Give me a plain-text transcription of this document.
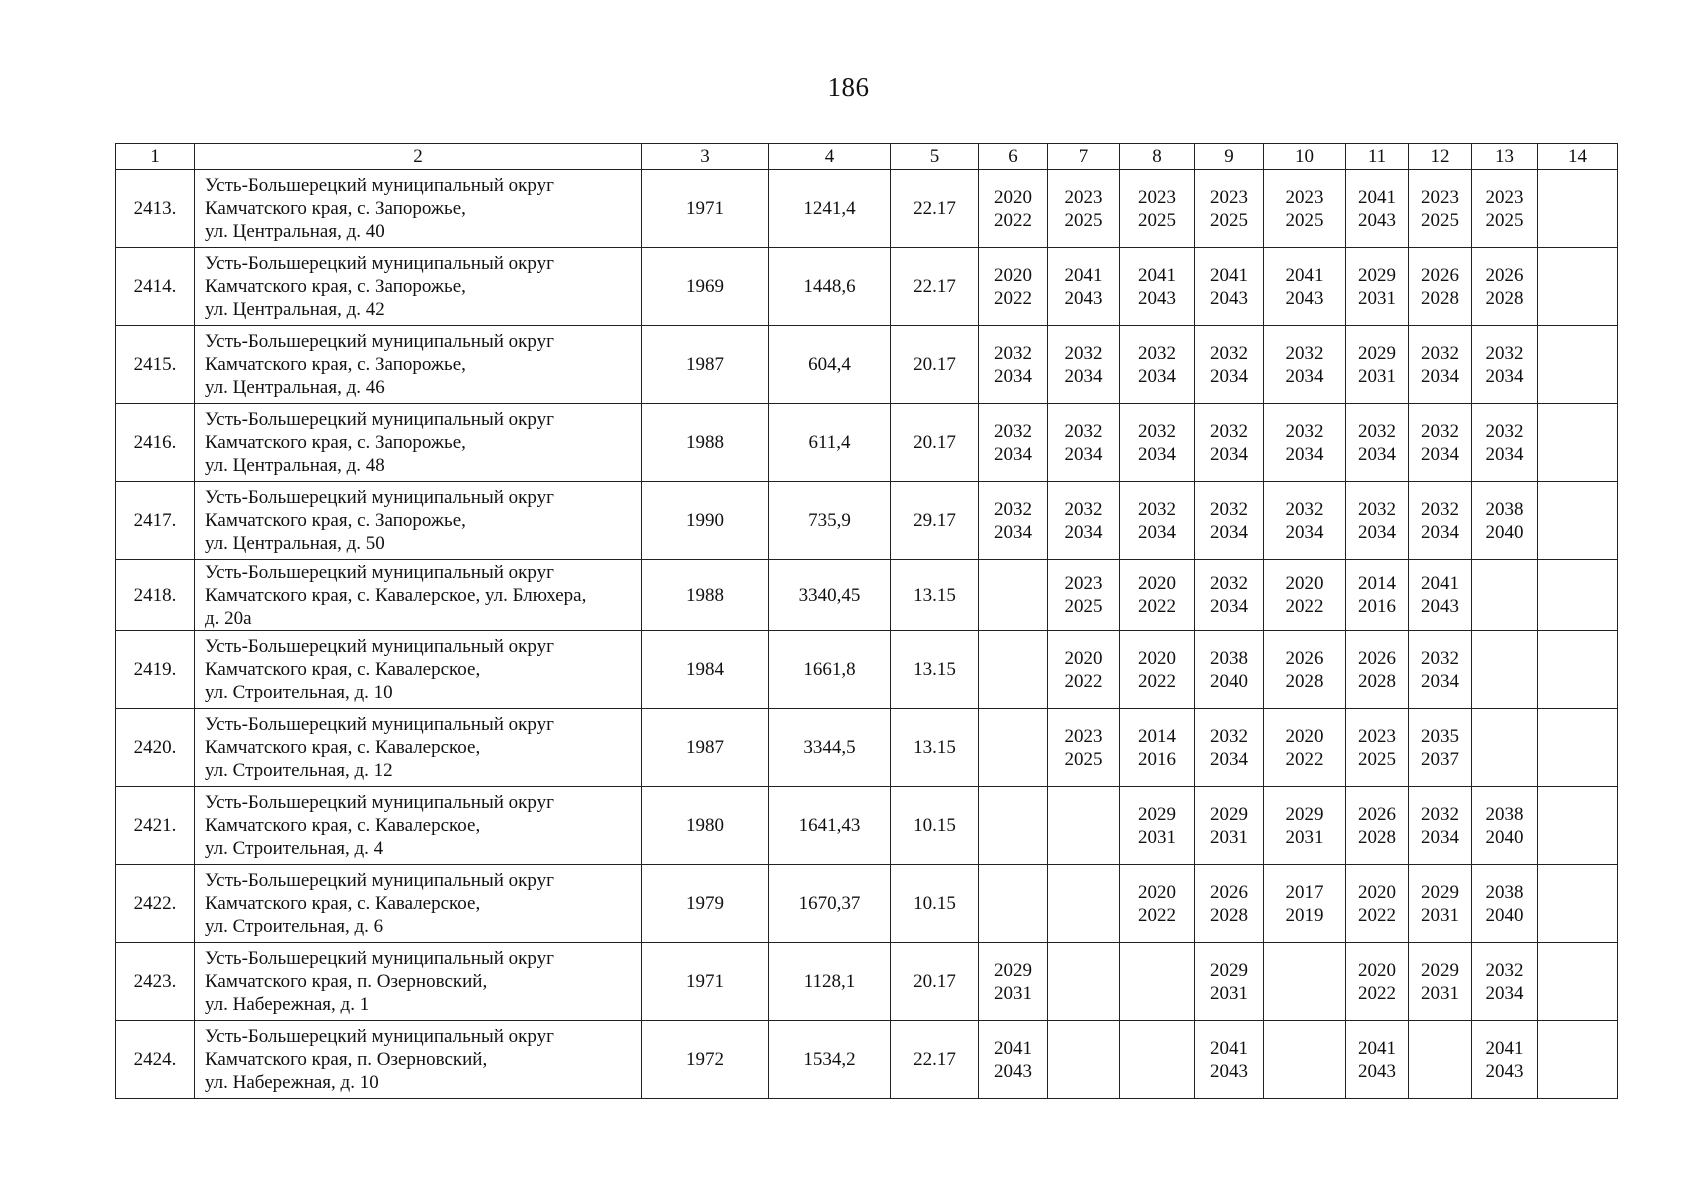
186
1	2	3	4	5	6	7	8	9	10	11	12	13	14
2413.	Усть-Большерецкий муниципальный округ
Камчатского края, с. Запорожье,
ул. Центральная, д. 40	1971	1241,4	22.17	2020
2022	2023
2025	2023
2025	2023
2025	2023
2025	2041
2043	2023
2025	2023
2025	
2414.	Усть-Большерецкий муниципальный округ
Камчатского края, с. Запорожье,
ул. Центральная, д. 42	1969	1448,6	22.17	2020
2022	2041
2043	2041
2043	2041
2043	2041
2043	2029
2031	2026
2028	2026
2028	
2415.	Усть-Большерецкий муниципальный округ
Камчатского края, с. Запорожье,
ул. Центральная, д. 46	1987	604,4	20.17	2032
2034	2032
2034	2032
2034	2032
2034	2032
2034	2029
2031	2032
2034	2032
2034	
2416.	Усть-Большерецкий муниципальный округ
Камчатского края, с. Запорожье,
ул. Центральная, д. 48	1988	611,4	20.17	2032
2034	2032
2034	2032
2034	2032
2034	2032
2034	2032
2034	2032
2034	2032
2034	
2417.	Усть-Большерецкий муниципальный округ
Камчатского края, с. Запорожье,
ул. Центральная, д. 50	1990	735,9	29.17	2032
2034	2032
2034	2032
2034	2032
2034	2032
2034	2032
2034	2032
2034	2038
2040	
2418.	Усть-Большерецкий муниципальный округ
Камчатского края, с. Кавалерское, ул. Блюхера,
д. 20а	1988	3340,45	13.15		2023
2025	2020
2022	2032
2034	2020
2022	2014
2016	2041
2043		
2419.	Усть-Большерецкий муниципальный округ
Камчатского края, с. Кавалерское,
ул. Строительная, д. 10	1984	1661,8	13.15		2020
2022	2020
2022	2038
2040	2026
2028	2026
2028	2032
2034		
2420.	Усть-Большерецкий муниципальный округ
Камчатского края, с. Кавалерское,
ул. Строительная, д. 12	1987	3344,5	13.15		2023
2025	2014
2016	2032
2034	2020
2022	2023
2025	2035
2037		
2421.	Усть-Большерецкий муниципальный округ
Камчатского края, с. Кавалерское,
ул. Строительная, д. 4	1980	1641,43	10.15			2029
2031	2029
2031	2029
2031	2026
2028	2032
2034	2038
2040	
2422.	Усть-Большерецкий муниципальный округ
Камчатского края, с. Кавалерское,
ул. Строительная, д. 6	1979	1670,37	10.15			2020
2022	2026
2028	2017
2019	2020
2022	2029
2031	2038
2040	
2423.	Усть-Большерецкий муниципальный округ
Камчатского края, п. Озерновский,
ул. Набережная, д. 1	1971	1128,1	20.17	2029
2031			2029
2031		2020
2022	2029
2031	2032
2034	
2424.	Усть-Большерецкий муниципальный округ
Камчатского края, п. Озерновский,
ул. Набережная, д. 10	1972	1534,2	22.17	2041
2043			2041
2043		2041
2043		2041
2043	
